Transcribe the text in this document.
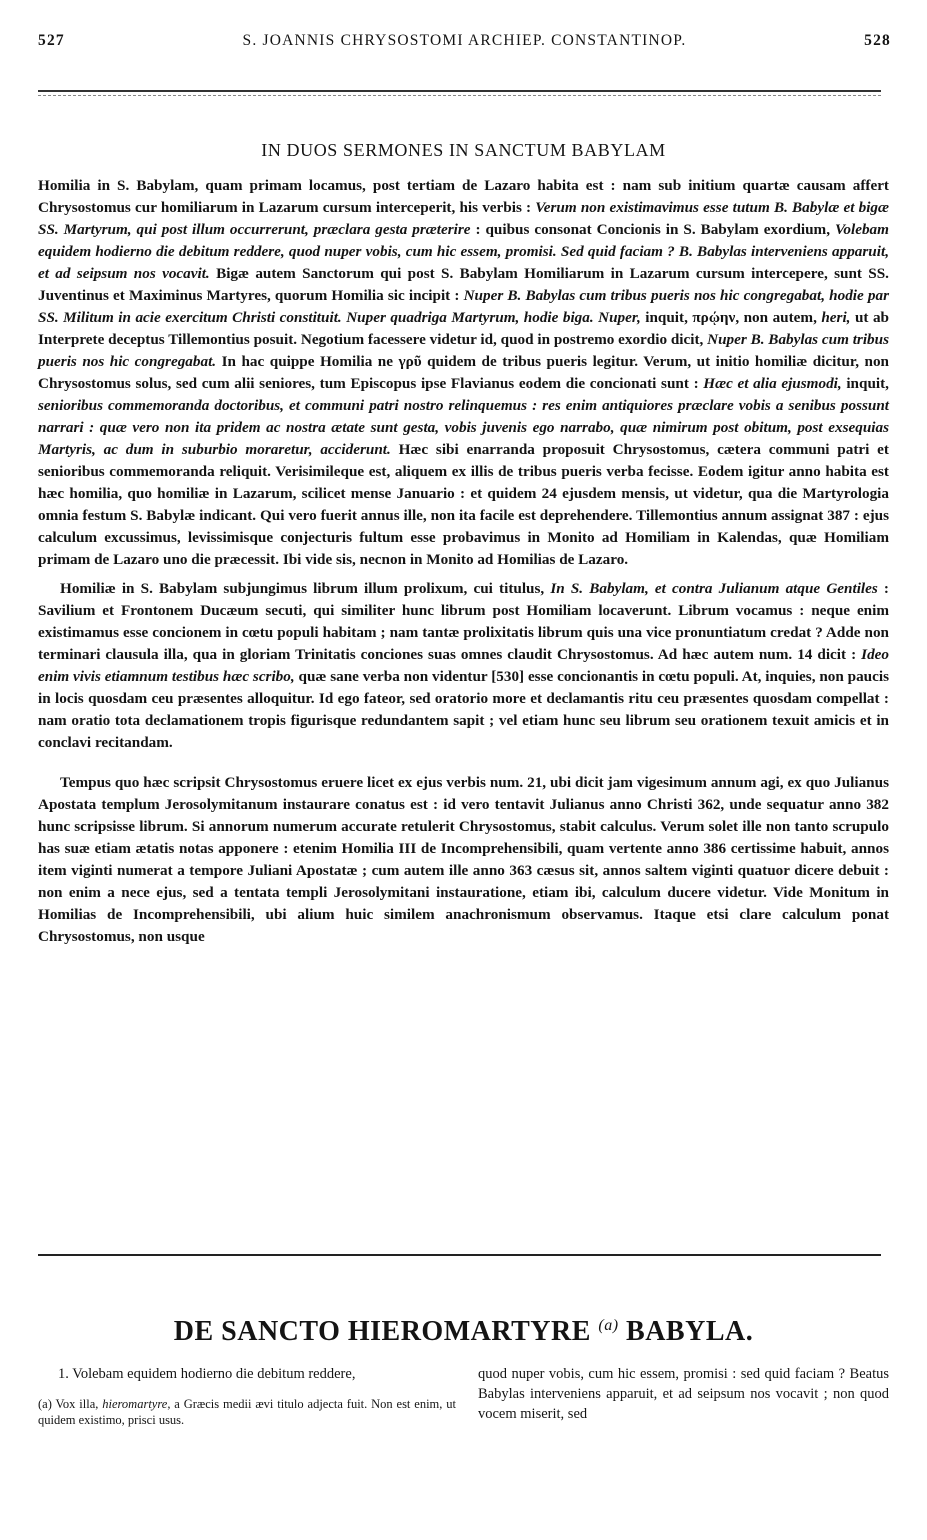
527	S. JOANNIS CHRYSOSTOMI ARCHIEP. CONSTANTINOP.	528
IN DUOS SERMONES IN SANCTUM BABYLAM

Homilia in S. Babylam, quam primam locamus, post tertiam de Lazaro habita est : nam sub initium quartæ causam affert Chrysostomus cur homiliarum in Lazarum cursum interceperit, his verbis : Verum non existimavimus esse tutum B. Babylæ et bigæ SS. Martyrum, qui post illum occurrerunt, præclara gesta præterire : quibus consonat Concionis in S. Babylam exordium, Volebam equidem hodierno die debitum reddere, quod nuper vobis, cum hic essem, promisi. Sed quid faciam ? B. Babylas interveniens apparuit, et ad seipsum nos vocavit. Bigæ autem Sanctorum qui post S. Babylam Homiliarum in Lazarum cursum intercepere, sunt SS. Juventinus et Maximinus Martyres, quorum Homilia sic incipit : Nuper B. Babylas cum tribus pueris nos hic congregabat, hodie par SS. Militum in acie exercitum Christi constituit. Nuper quadriga Martyrum, hodie biga. Nuper, inquit, πρῴην, non autem, heri, ut ab Interprete deceptus Tillemontius posuit. Negotium facessere videtur id, quod in postremo exordio dicit, Nuper B. Babylas cum tribus pueris nos hic congregabat. In hac quippe Homilia ne γρῦ quidem de tribus pueris legitur. Verum, ut initio homiliæ dicitur, non Chrysostomus solus, sed cum alii seniores, tum Episcopus ipse Flavianus eodem die concionati sunt : Hæc et alia ejusmodi, inquit, senioribus commemoranda doctoribus, et communi patri nostro relinquemus : res enim antiquiores præclare vobis a senibus possunt narrari : quæ vero non ita pridem ac nostra ætate sunt gesta, vobis juvenis ego narrabo, quæ nimirum post obitum, post exsequias Martyris, ac dum in suburbio moraretur, acciderunt. Hæc sibi enarranda proposuit Chrysostomus, cætera communi patri et senioribus commemoranda reliquit. Verisimileque est, aliquem ex illis de tribus pueris verba fecisse. Eodem igitur anno habita est hæc homilia, quo homiliæ in Lazarum, scilicet mense Januario : et quidem 24 ejusdem mensis, ut videtur, qua die Martyrologia omnia festum S. Babylæ indicant. Qui vero fuerit annus ille, non ita facile est deprehendere. Tillemontius annum assignat 387 : ejus calculum excussimus, levissimisque conjecturis fultum esse probavimus in Monito ad Homiliam in Kalendas, quæ Homiliam primam de Lazaro uno die præcessit. Ibi vide sis, necnon in Monito ad Homilias de Lazaro.

Homiliæ in S. Babylam subjungimus librum illum prolixum, cui titulus, In S. Babylam, et contra Julianum atque Gentiles : Savilium et Frontonem Ducæum secuti, qui similiter hunc librum post Homiliam locaverunt. Librum vocamus : neque enim existimamus esse concionem in cœtu populi habitam ; nam tantæ prolixitatis librum quis una vice pronuntiatum credat ? Adde non terminari clausula illa, qua in gloriam Trinitatis conciones suas omnes claudit Chrysostomus. Ad hæc autem num. 14 dicit : Ideo enim vivis etiamnum testibus hæc scribo, quæ sane verba non videntur [530] esse concionantis in cœtu populi. At, inquies, non paucis in locis quosdam ceu præsentes alloquitur. Id ego fateor, sed oratorio more et declamantis ritu ceu præsentes quosdam compellat : nam oratio tota declamationem tropis figurisque redundantem sapit ; vel etiam hunc seu librum seu orationem texuit amicis et in conclavi recitandam.

Tempus quo hæc scripsit Chrysostomus eruere licet ex ejus verbis num. 21, ubi dicit jam vigesimum annum agi, ex quo Julianus Apostata templum Jerosolymitanum instaurare conatus est : id vero tentavit Julianus anno Christi 362, unde sequatur anno 382 hunc scripsisse librum. Si annorum numerum accurate retulerit Chrysostomus, stabit calculus. Verum solet ille non tanto scrupulo has suæ etiam ætatis notas apponere : etenim Homilia III de Incomprehensibili, quam vertente anno 386 certissime habuit, annos item viginti numerat a tempore Juliani Apostatæ ; cum autem ille anno 363 cæsus sit, annos saltem viginti quatuor dicere debuit : non enim a nece ejus, sed a tentata templi Jerosolymitani instauratione, etiam ibi, calculum ducere videtur. Vide Monitum in Homilias de Incomprehensibili, ubi alium huic similem anachronismum observamus. Itaque etsi clare calculum ponat Chrysostomus, non usque

DE SANCTO HIEROMARTYRE $^{(a)}$ BABYLA.

1. Volebam equidem hodierno die debitum reddere,

(a) Vox illa, hieromartyre, a Græcis medii ævi titulo adjecta fuit. Non est enim, ut quidem existimo, prisci usus.

quod nuper vobis, cum hic essem, promisi : sed quid faciam ? Beatus Babylas interveniens apparuit, et ad seipsum nos vocavit ; non quod vocem miserit, sed
